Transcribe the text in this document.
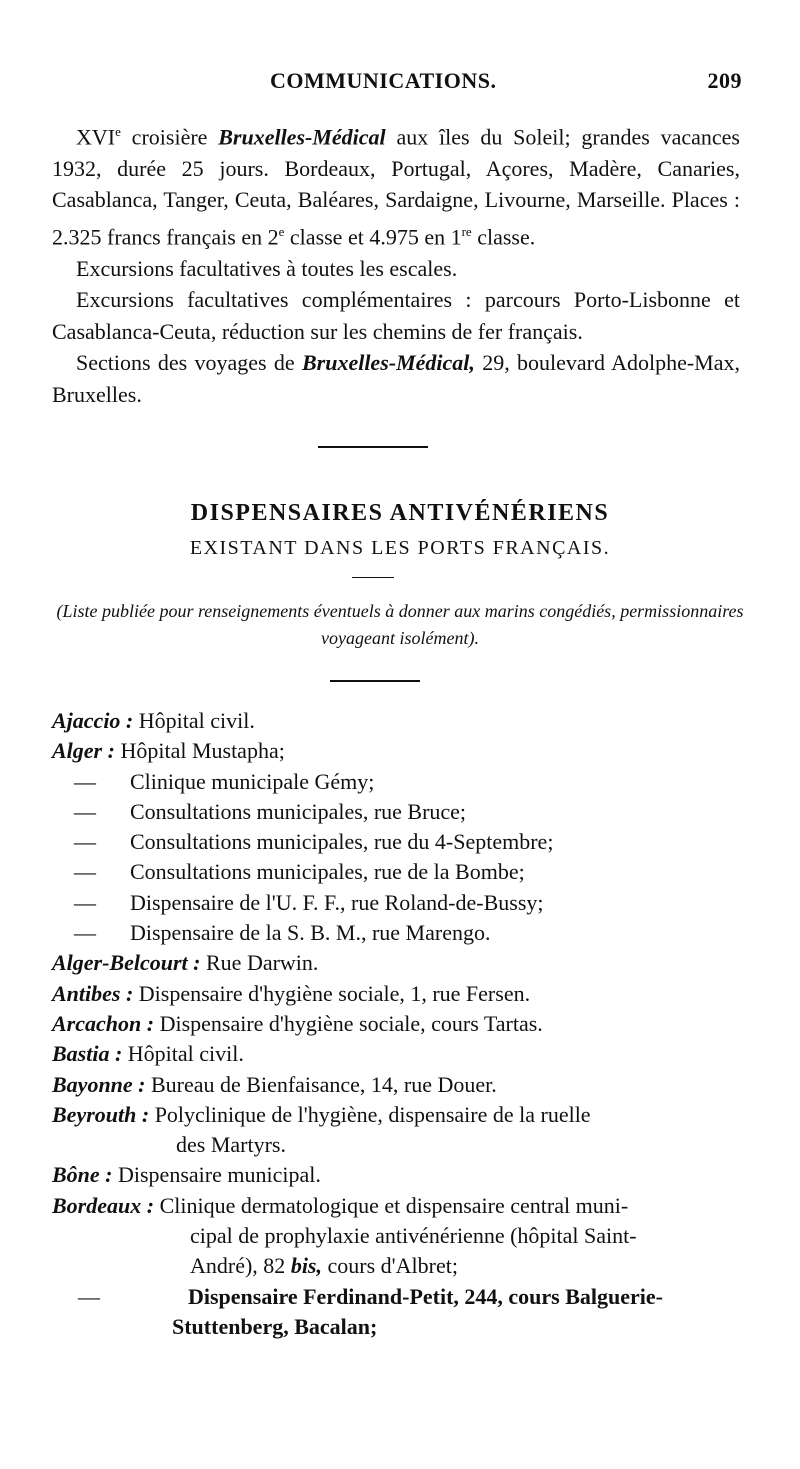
COMMUNICATIONS.	209

XVIe croisière Bruxelles-Médical aux îles du Soleil; grandes vacances 1932, durée 25 jours. Bordeaux, Portugal, Açores, Madère, Canaries, Casablanca, Tanger, Ceuta, Baléares, Sardaigne, Livourne, Marseille. Places : 2.325 francs français en 2e classe et 4.975 en 1re classe.

Excursions facultatives à toutes les escales.

Excursions facultatives complémentaires : parcours Porto-Lisbonne et Casablanca-Ceuta, réduction sur les chemins de fer français.

Sections des voyages de Bruxelles-Médical, 29, boulevard Adolphe-Max, Bruxelles.

DISPENSAIRES ANTIVÉNÉRIENS
EXISTANT DANS LES PORTS FRANÇAIS.
(Liste publiée pour renseignements éventuels à donner aux marins congédiés, permissionnaires voyageant isolément).
Ajaccio :
Hôpital civil.
Alger :
Hôpital Mustapha;
—	Clinique municipale Gémy;
—	Consultations municipales, rue Bruce;
—	Consultations municipales, rue du 4-Septembre;
—	Consultations municipales, rue de la Bombe;
—	Dispensaire de l'U. F. F., rue Roland-de-Bussy;
—	Dispensaire de la S. B. M., rue Marengo.
Alger-Belcourt :
Rue Darwin.
Antibes :
Dispensaire d'hygiène sociale, 1, rue Fersen.
Arcachon :
Dispensaire d'hygiène sociale, cours Tartas.
Bastia :
Hôpital civil.
Bayonne :
Bureau de Bienfaisance, 14, rue Douer.
Beyrouth :
Polyclinique de l'hygiène, dispensaire de la ruelle
des Martyrs.
Bône :
Dispensaire municipal.
Bordeaux :
Clinique dermatologique et dispensaire central muni-
cipal de prophylaxie antivénérienne (hôpital Saint-
André), 82 bis, cours d'Albret;
—	Dispensaire Ferdinand-Petit, 244, cours Balguerie-
Stuttenberg, Bacalan;
